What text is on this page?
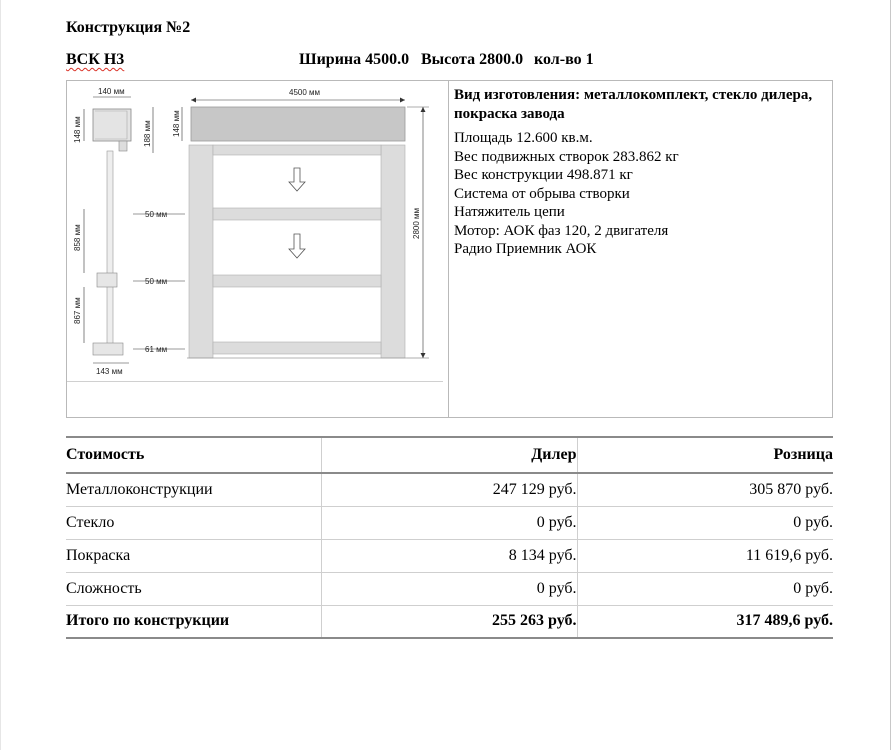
Конструкция №2
ВСК Н3	Ширина 4500.0 Высота 2800.0 кол-во 1
140 мм
148 мм	188 мм	148 мм
858 мм
867 мм
50 мм
50 мм
61 мм
143 мм
4500 мм
2800 мм
Вид изготовления: металлокомплект, стекло дилера, покраска завода
Площадь 12.600 кв.м.
Вес подвижных створок 283.862 кг
Вес конструкции 498.871 кг
Система от обрыва створки
Натяжитель цепи
Мотор: АОК фаз 120, 2 двигателя
Радио Приемник АОК
Стоимость	Дилер	Розница
Металлоконструкции	247 129 руб.	305 870 руб.
Стекло	0 руб.	0 руб.
Покраска	8 134 руб.	11 619,6 руб.
Сложность	0 руб.	0 руб.
Итого по конструкции	255 263 руб.	317 489,6 руб.
